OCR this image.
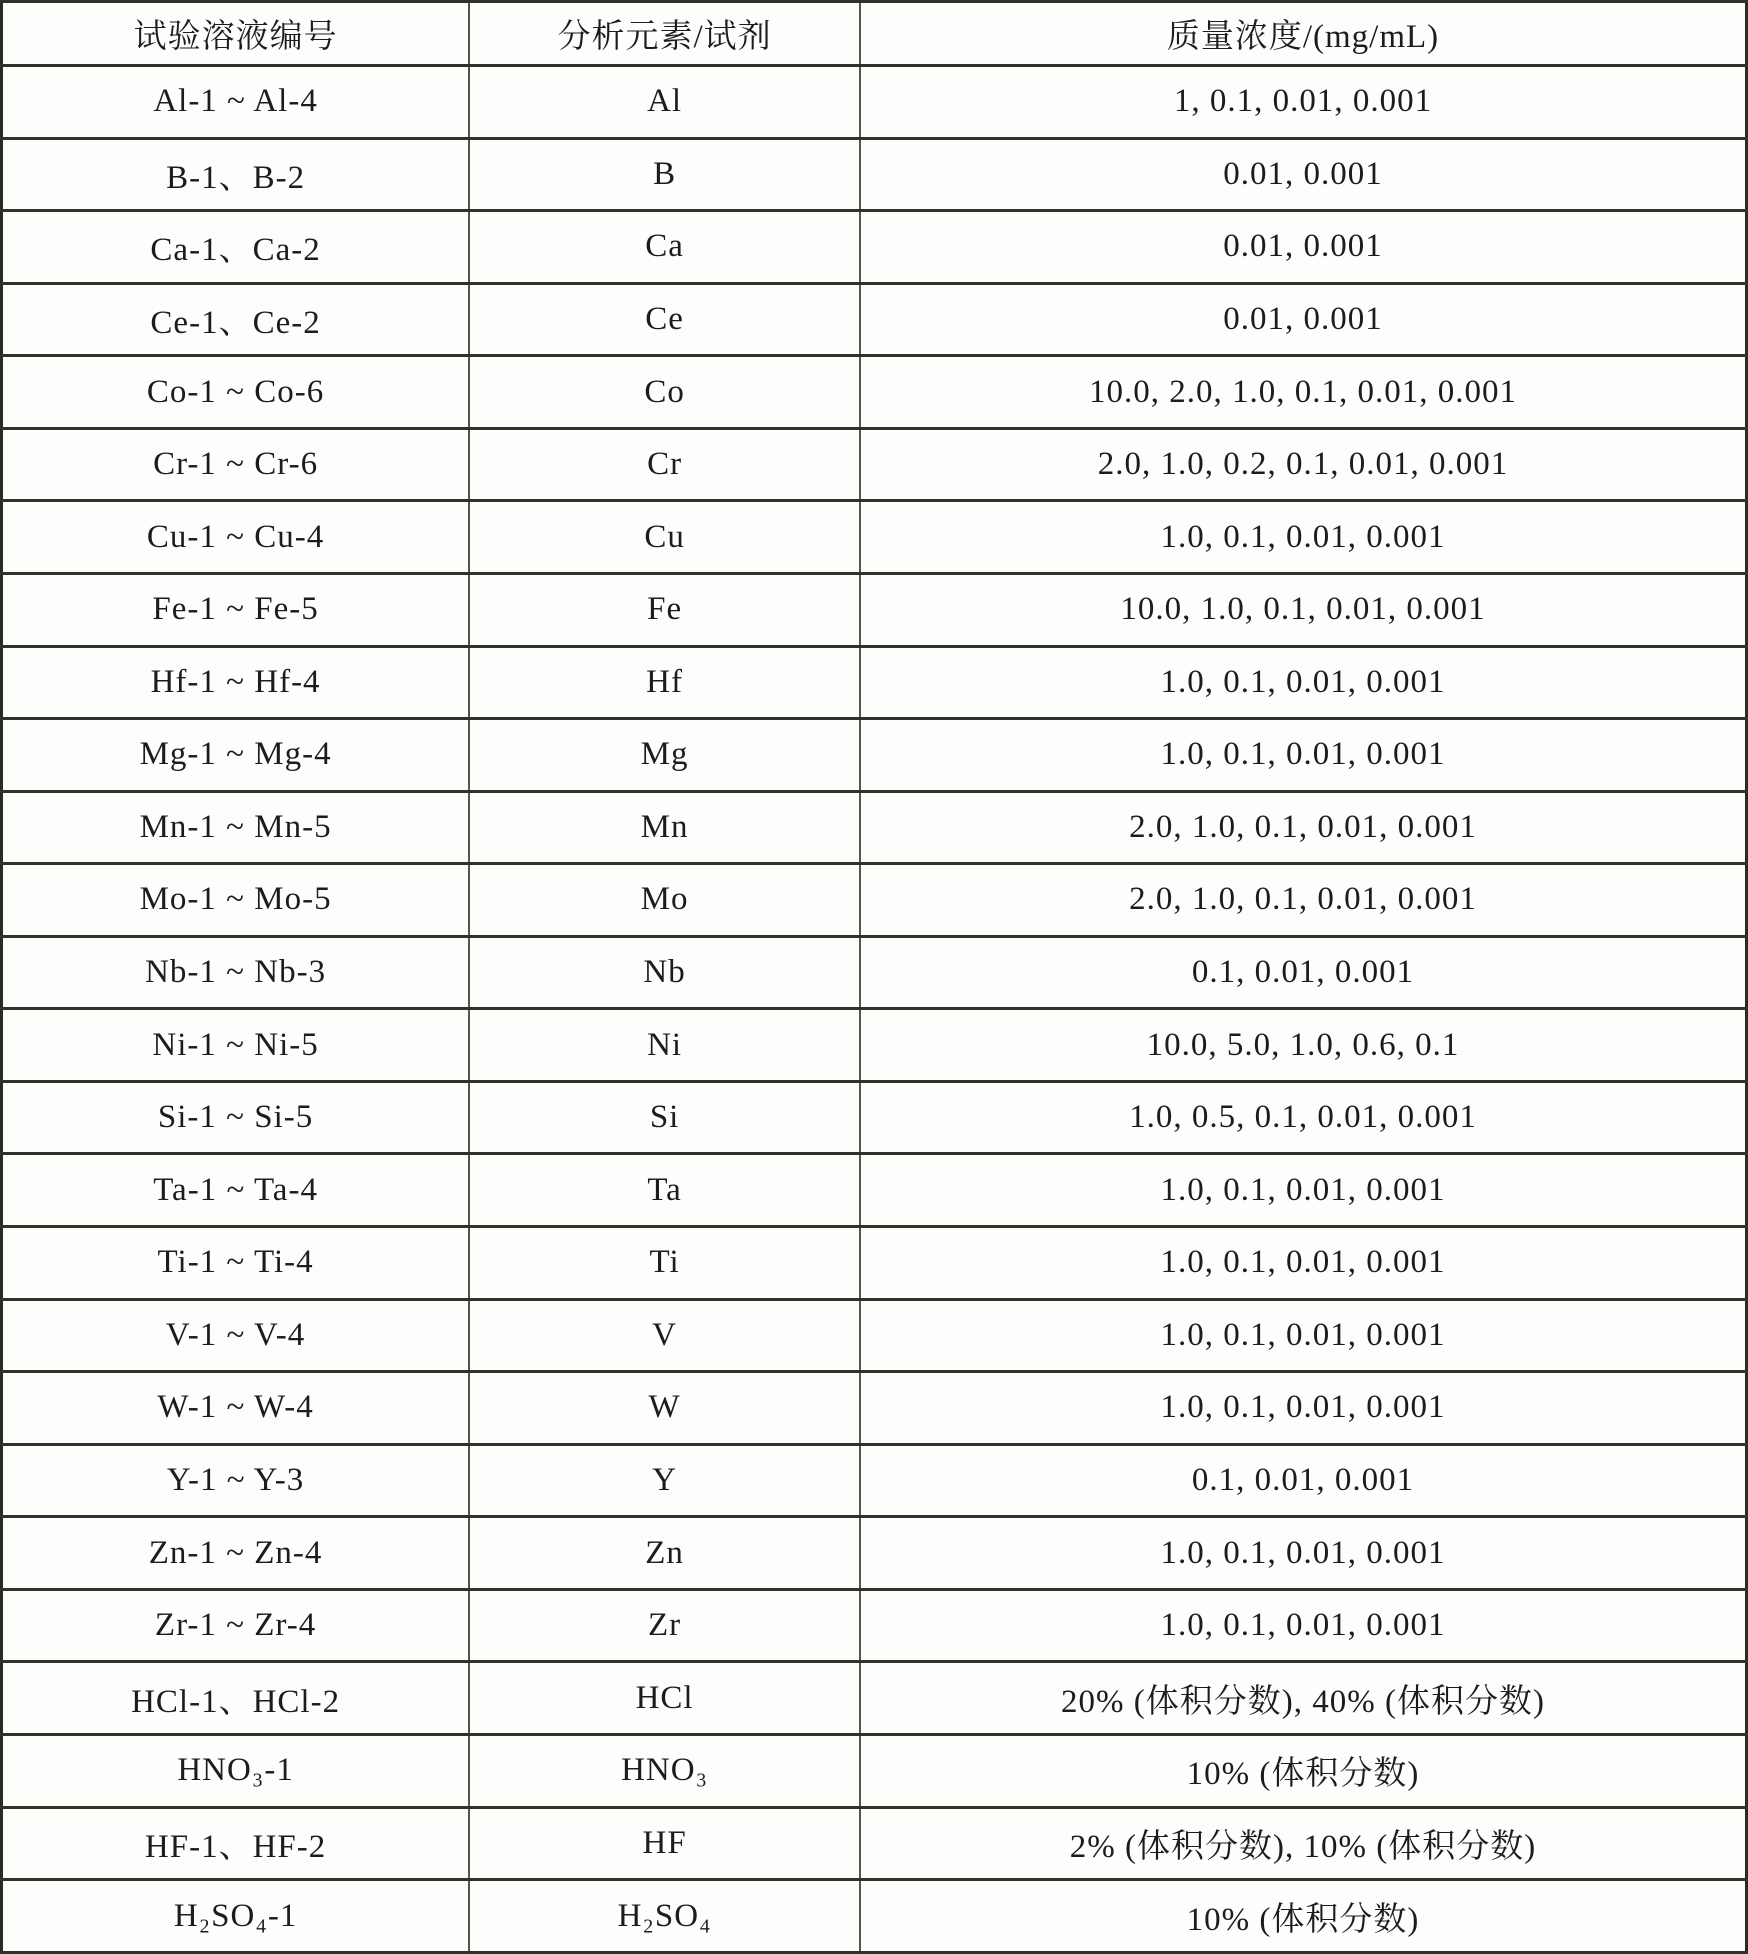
试验溶液编号	分析元素/试剂	质量浓度/(mg/mL)
Al-1 ~ Al-4	Al	1, 0.1, 0.01, 0.001
B-1、B-2	B	0.01, 0.001
Ca-1、Ca-2	Ca	0.01, 0.001
Ce-1、Ce-2	Ce	0.01, 0.001
Co-1 ~ Co-6	Co	10.0, 2.0, 1.0, 0.1, 0.01, 0.001
Cr-1 ~ Cr-6	Cr	2.0, 1.0, 0.2, 0.1, 0.01, 0.001
Cu-1 ~ Cu-4	Cu	1.0, 0.1, 0.01, 0.001
Fe-1 ~ Fe-5	Fe	10.0, 1.0, 0.1, 0.01, 0.001
Hf-1 ~ Hf-4	Hf	1.0, 0.1, 0.01, 0.001
Mg-1 ~ Mg-4	Mg	1.0, 0.1, 0.01, 0.001
Mn-1 ~ Mn-5	Mn	2.0, 1.0, 0.1, 0.01, 0.001
Mo-1 ~ Mo-5	Mo	2.0, 1.0, 0.1, 0.01, 0.001
Nb-1 ~ Nb-3	Nb	0.1, 0.01, 0.001
Ni-1 ~ Ni-5	Ni	10.0, 5.0, 1.0, 0.6, 0.1
Si-1 ~ Si-5	Si	1.0, 0.5, 0.1, 0.01, 0.001
Ta-1 ~ Ta-4	Ta	1.0, 0.1, 0.01, 0.001
Ti-1 ~ Ti-4	Ti	1.0, 0.1, 0.01, 0.001
V-1 ~ V-4	V	1.0, 0.1, 0.01, 0.001
W-1 ~ W-4	W	1.0, 0.1, 0.01, 0.001
Y-1 ~ Y-3	Y	0.1, 0.01, 0.001
Zn-1 ~ Zn-4	Zn	1.0, 0.1, 0.01, 0.001
Zr-1 ~ Zr-4	Zr	1.0, 0.1, 0.01, 0.001
HCl-1、HCl-2	HCl	20% (体积分数), 40% (体积分数)
HNO₃-1	HNO₃	10% (体积分数)
HF-1、HF-2	HF	2% (体积分数), 10% (体积分数)
H₂SO₄-1	H₂SO₄	10% (体积分数)
